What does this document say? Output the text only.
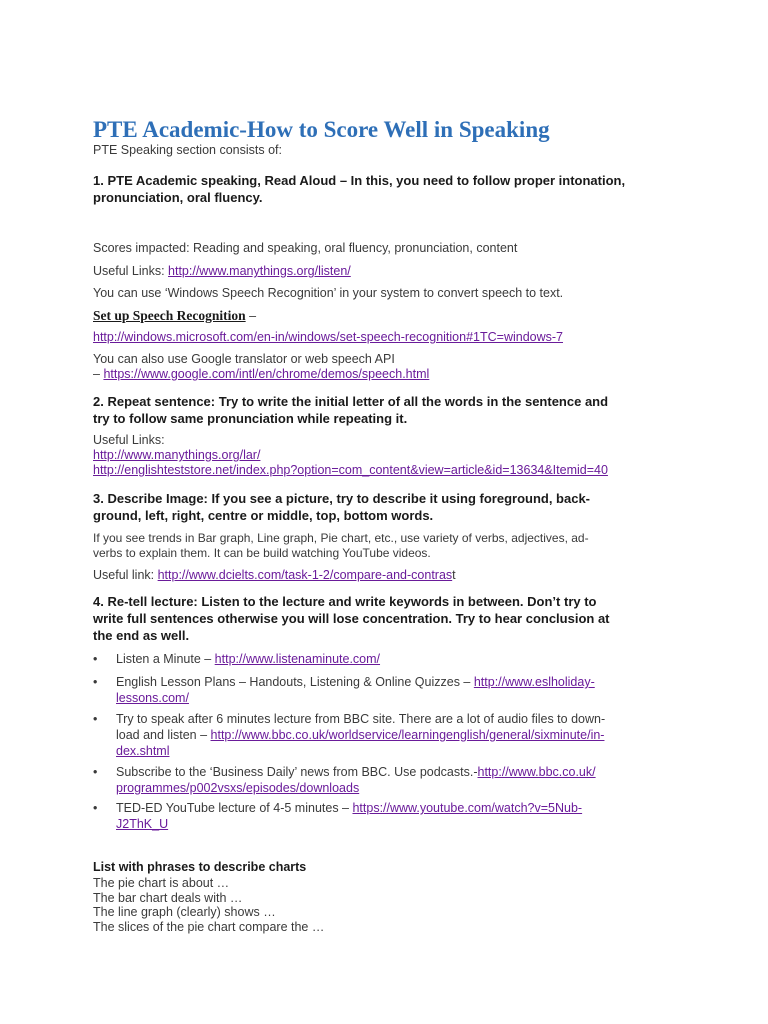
PTE Academic-How to Score Well in Speaking
PTE Speaking section consists of:
1. PTE Academic speaking, Read Aloud – In this, you need to follow proper intonation,
pronunciation, oral fluency.
Scores impacted: Reading and speaking, oral fluency, pronunciation, content
Useful Links: http://www.manythings.org/listen/
You can use ‘Windows Speech Recognition’ in your system to convert speech to text.
Set up Speech Recognition –
http://windows.microsoft.com/en-in/windows/set-speech-recognition#1TC=windows-7
You can also use Google translator or web speech API
– https://www.google.com/intl/en/chrome/demos/speech.html
2. Repeat sentence: Try to write the initial letter of all the words in the sentence and
try to follow same pronunciation while repeating it.
Useful Links:
http://www.manythings.org/lar/
http://englishteststore.net/index.php?option=com_content&view=article&id=13634&Itemid=40
3. Describe Image: If you see a picture, try to describe it using foreground, back-
ground, left, right, centre or middle, top, bottom words.
If you see trends in Bar graph, Line graph, Pie chart, etc., use variety of verbs, adjectives, ad-
verbs to explain them. It can be build watching YouTube videos.
Useful link: http://www.dcielts.com/task-1-2/compare-and-contrast
4. Re-tell lecture: Listen to the lecture and write keywords in between. Don’t try to
write full sentences otherwise you will lose concentration. Try to hear conclusion at
the end as well.
• Listen a Minute – http://www.listenaminute.com/
• English Lesson Plans – Handouts, Listening & Online Quizzes – http://www.eslholiday-
lessons.com/
• Try to speak after 6 minutes lecture from BBC site. There are a lot of audio files to down-
load and listen – http://www.bbc.co.uk/worldservice/learningenglish/general/sixminute/in-
dex.shtml
• Subscribe to the ‘Business Daily’ news from BBC. Use podcasts.-http://www.bbc.co.uk/
programmes/p002vsxs/episodes/downloads
• TED-ED YouTube lecture of 4-5 minutes – https://www.youtube.com/watch?v=5Nub-
J2ThK_U
List with phrases to describe charts
The pie chart is about …
The bar chart deals with …
The line graph (clearly) shows …
The slices of the pie chart compare the …
